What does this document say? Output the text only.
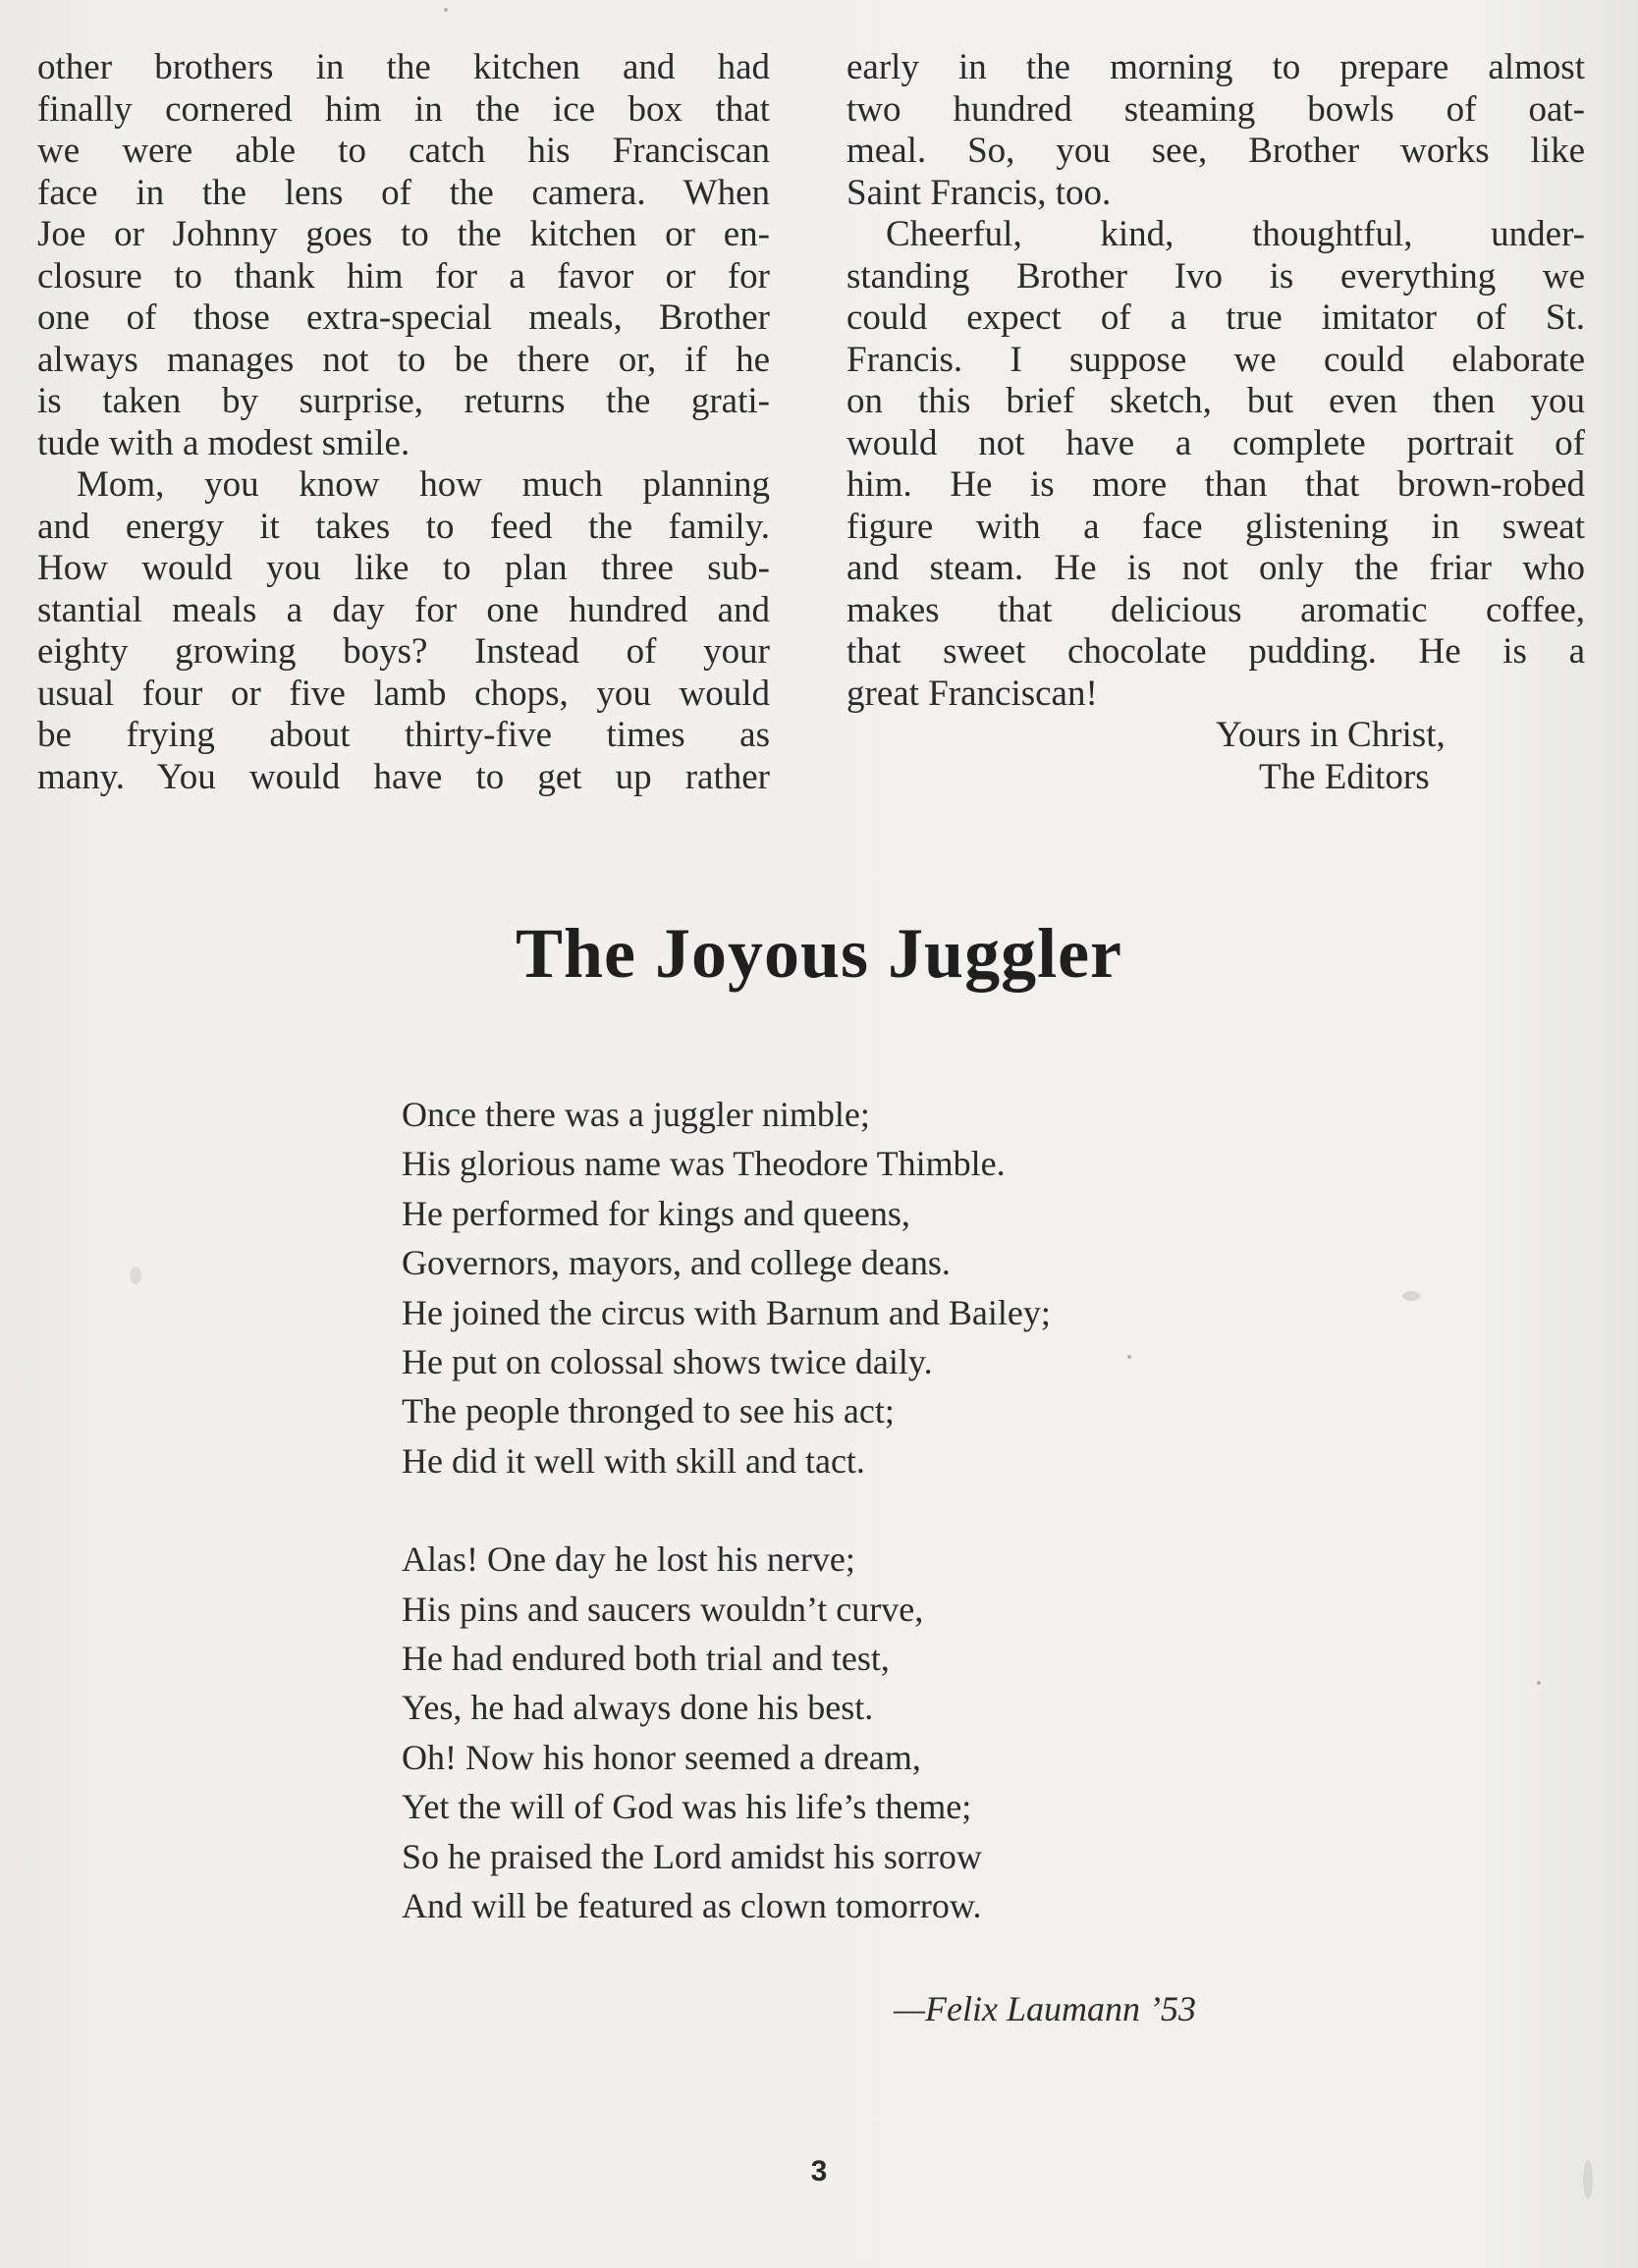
other brothers in the kitchen and had
finally cornered him in the ice box that
we were able to catch his Franciscan
face in the lens of the camera. When
Joe or Johnny goes to the kitchen or en-
closure to thank him for a favor or for
one of those extra-special meals, Brother
always manages not to be there or, if he
is taken by surprise, returns the grati-
tude with a modest smile.
Mom, you know how much planning
and energy it takes to feed the family.
How would you like to plan three sub-
stantial meals a day for one hundred and
eighty growing boys? Instead of your
usual four or five lamb chops, you would
be frying about thirty-five times as
many. You would have to get up rather
early in the morning to prepare almost
two hundred steaming bowls of oat-
meal. So, you see, Brother works like
Saint Francis, too.
Cheerful, kind, thoughtful, under-
standing Brother Ivo is everything we
could expect of a true imitator of St.
Francis. I suppose we could elaborate
on this brief sketch, but even then you
would not have a complete portrait of
him. He is more than that brown-robed
figure with a face glistening in sweat
and steam. He is not only the friar who
makes that delicious aromatic coffee,
that sweet chocolate pudding. He is a
great Franciscan!
Yours in Christ,
The Editors
The Joyous Juggler
Once there was a juggler nimble;
His glorious name was Theodore Thimble.
He performed for kings and queens,
Governors, mayors, and college deans.
He joined the circus with Barnum and Bailey;
He put on colossal shows twice daily.
The people thronged to see his act;
He did it well with skill and tact.
Alas! One day he lost his nerve;
His pins and saucers wouldn’t curve,
He had endured both trial and test,
Yes, he had always done his best.
Oh! Now his honor seemed a dream,
Yet the will of God was his life’s theme;
So he praised the Lord amidst his sorrow
And will be featured as clown tomorrow.
—Felix Laumann ’53
3
